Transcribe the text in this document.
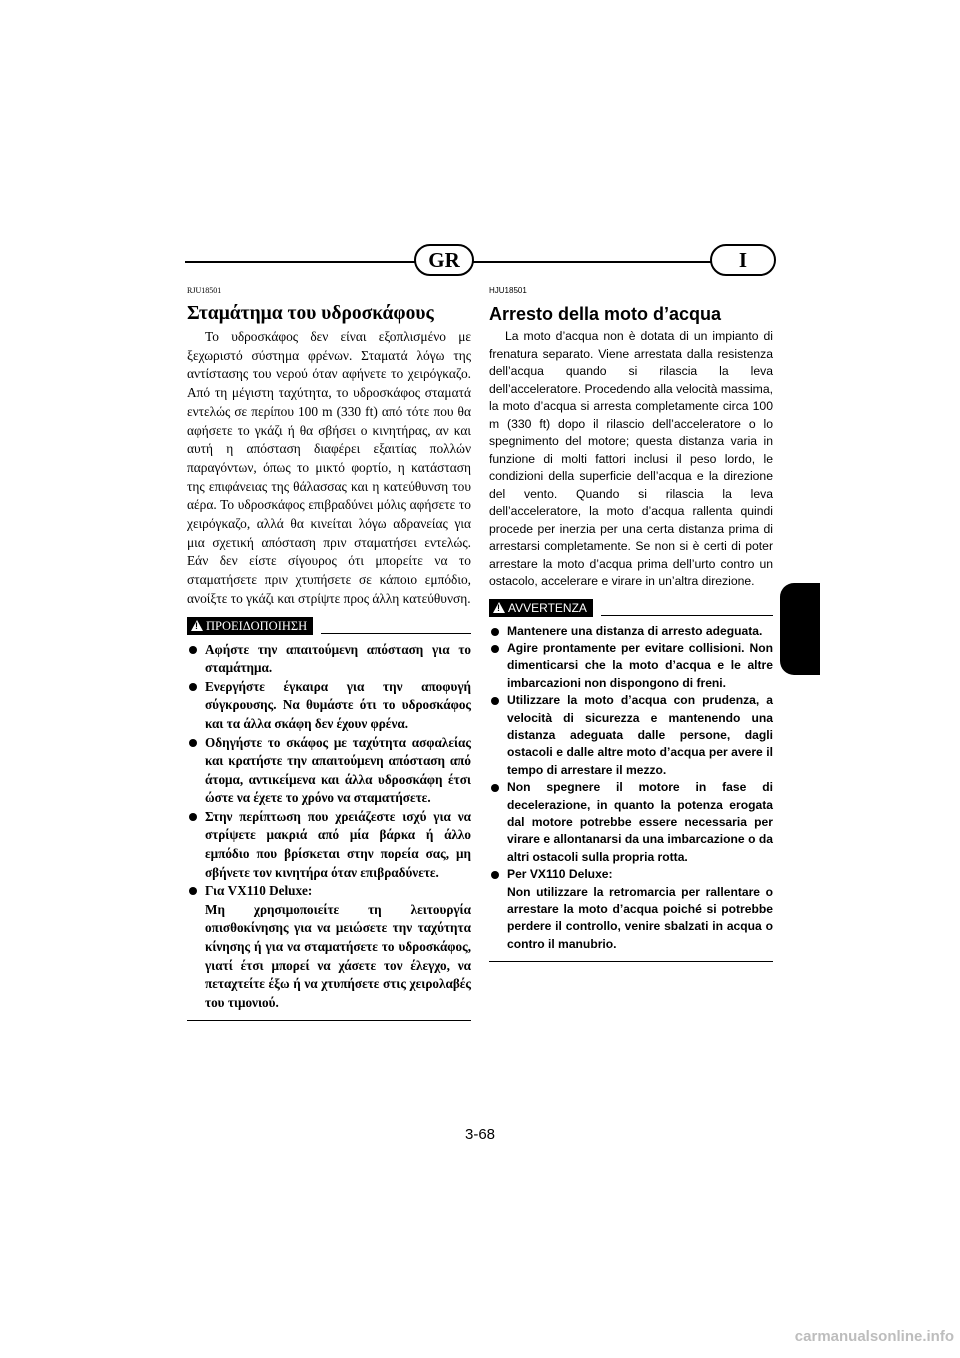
GR	I
RJU18501
Σταμάτημα του υδροσκάφους

Το υδροσκάφος δεν είναι εξοπλισμένο με ξεχωριστό σύστημα φρένων. Σταματά λόγω της αντίστασης του νερού όταν αφήνετε το χειρόγκαζο. Από τη μέγιστη ταχύτητα, το υδροσκάφος σταματά εντελώς σε περίπου 100 m (330 ft) από τότε που θα αφήσετε το γκάζι ή θα σβήσει ο κινητήρας, αν και αυτή η απόσταση διαφέρει εξαιτίας πολλών παραγόντων, όπως το μικτό φορτίο, η κατάσταση της επιφάνειας της θάλασσας και η κατεύθυνση του αέρα. Το υδροσκάφος επιβραδύνει μόλις αφήσετε το χειρόγκαζο, αλλά θα κινείται λόγω αδρανείας για μια σχετική απόσταση πριν σταματήσει εντελώς. Εάν δεν είστε σίγουρος ότι μπορείτε να το σταματήσετε πριν χτυπήσετε σε κάποιο εμπόδιο, ανοίξτε το γκάζι και στρίψτε προς άλλη κατεύθυνση.

!
ΠΡΟΕΙΔΟΠΟΙΗΣΗ
Αφήστε την απαιτούμενη απόσταση για το σταμάτημα.
Ενεργήστε έγκαιρα για την αποφυγή σύγκρουσης. Να θυμάστε ότι το υδροσκάφος και τα άλλα σκάφη δεν έχουν φρένα.
Οδηγήστε το σκάφος με ταχύτητα ασφαλείας και κρατήστε την απαιτούμενη απόσταση από άτομα, αντικείμενα και άλλα υδροσκάφη έτσι ώστε να έχετε το χρόνο να σταματήσετε.
Στην περίπτωση που χρειάζεστε ισχύ για να στρίψετε μακριά από μία βάρκα ή άλλο εμπόδιο που βρίσκεται στην πορεία σας, μη σβήνετε τον κινητήρα όταν επιβραδύνετε.
Για VX110 Deluxe:
Μη χρησιμοποιείτε τη λειτουργία οπισθοκίνησης για να μειώσετε την ταχύτητα κίνησης ή για να σταματήσετε το υδροσκάφος, γιατί έτσι μπορεί να χάσετε τον έλεγχο, να πεταχτείτε έξω ή να χτυπήσετε στις χειρολαβές του τιμονιού.
HJU18501
Arresto della moto d’acqua

La moto d’acqua non è dotata di un impianto di frenatura separato. Viene arrestata dalla resistenza dell’acqua quando si rilascia la leva dell’acceleratore. Procedendo alla velocità massima, la moto d’acqua si arresta completamente circa 100 m (330 ft) dopo il rilascio dell’acceleratore o lo spegnimento del motore; questa distanza varia in funzione di molti fattori inclusi il peso lordo, le condizioni della superficie dell’acqua e la direzione del vento. Quando si rilascia la leva dell’acceleratore, la moto d’acqua rallenta quindi procede per inerzia per una certa distanza prima di arrestarsi completamente. Se non si è certi di poter arrestare la moto d’acqua prima dell’urto contro un ostacolo, accelerare e virare in un’altra direzione.

!
AVVERTENZA
Mantenere una distanza di arresto adeguata.
Agire prontamente per evitare collisioni. Non dimenticarsi che la moto d’acqua e le altre imbarcazioni non dispongono di freni.
Utilizzare la moto d’acqua con prudenza, a velocità di sicurezza e mantenendo una distanza adeguata dalle persone, dagli ostacoli e dalle altre moto d’acqua per avere il tempo di arrestare il mezzo.
Non spegnere il motore in fase di decelerazione, in quanto la potenza erogata dal motore potrebbe essere necessaria per virare e allontanarsi da una imbarcazione o da altri ostacoli sulla propria rotta.
Per VX110 Deluxe:
Non utilizzare la retromarcia per rallentare o arrestare la moto d’acqua poiché si potrebbe perdere il controllo, venire sbalzati in acqua o contro il manubrio.
3-68
carmanualsonline.info
